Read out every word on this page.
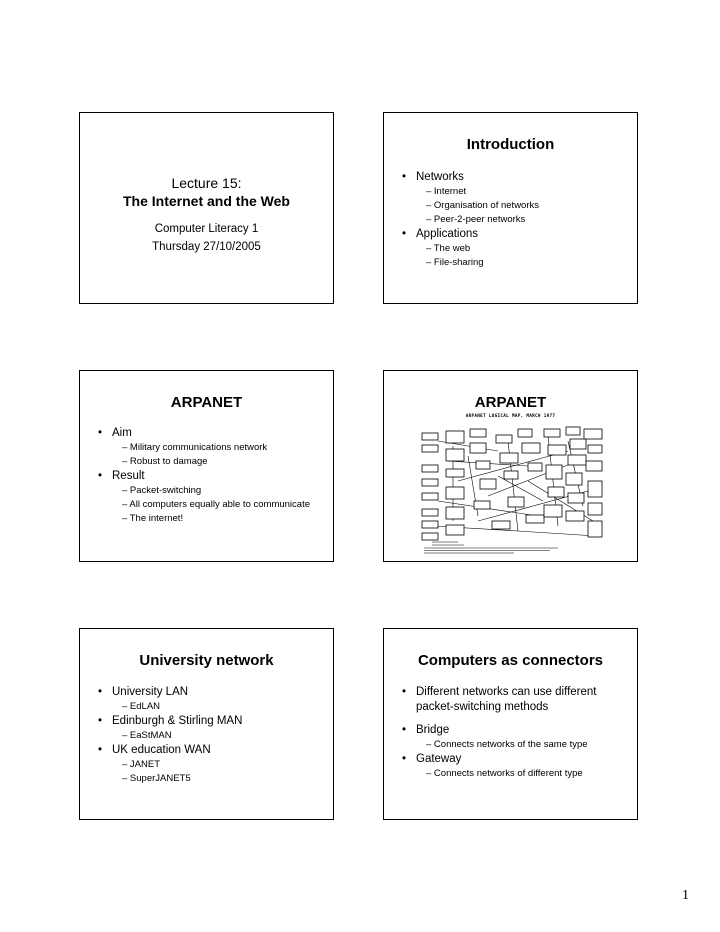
Lecture 15:
The Internet and the Web
Computer Literacy 1
Thursday 27/10/2005
Introduction
• Networks
– Internet
– Organisation of networks
– Peer-2-peer networks
• Applications
– The web
– File-sharing
ARPANET
• Aim
– Military communications network
– Robust to damage
• Result
– Packet-switching
– All computers equally able to communicate
– The internet!
ARPANET
ARPANET LOGICAL MAP, MARCH 1977
University network
• University LAN
– EdLAN
• Edinburgh & Stirling MAN
– EaStMAN
• UK education WAN
– JANET
– SuperJANET5
Computers as connectors
• Different networks can use different
packet-switching methods
• Bridge
– Connects networks of the same type
• Gateway
– Connects networks of different type
1
